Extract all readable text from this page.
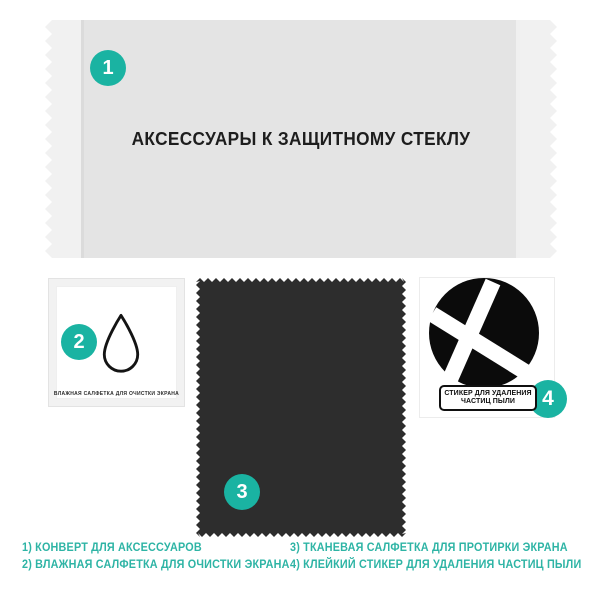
1
АКСЕССУАРЫ К ЗАЩИТНОМУ СТЕКЛУ
2
ВЛАЖНАЯ САЛФЕТКА ДЛЯ ОЧИСТКИ ЭКРАНА
3
4
СТИКЕР ДЛЯ УДАЛЕНИЯ
ЧАСТИЦ ПЫЛИ
1) КОНВЕРТ ДЛЯ АКСЕССУАРОВ
2) ВЛАЖНАЯ САЛФЕТКА ДЛЯ ОЧИСТКИ ЭКРАНА
3) ТКАНЕВАЯ САЛФЕТКА ДЛЯ ПРОТИРКИ ЭКРАНА
4) КЛЕЙКИЙ СТИКЕР ДЛЯ УДАЛЕНИЯ ЧАСТИЦ ПЫЛИ
